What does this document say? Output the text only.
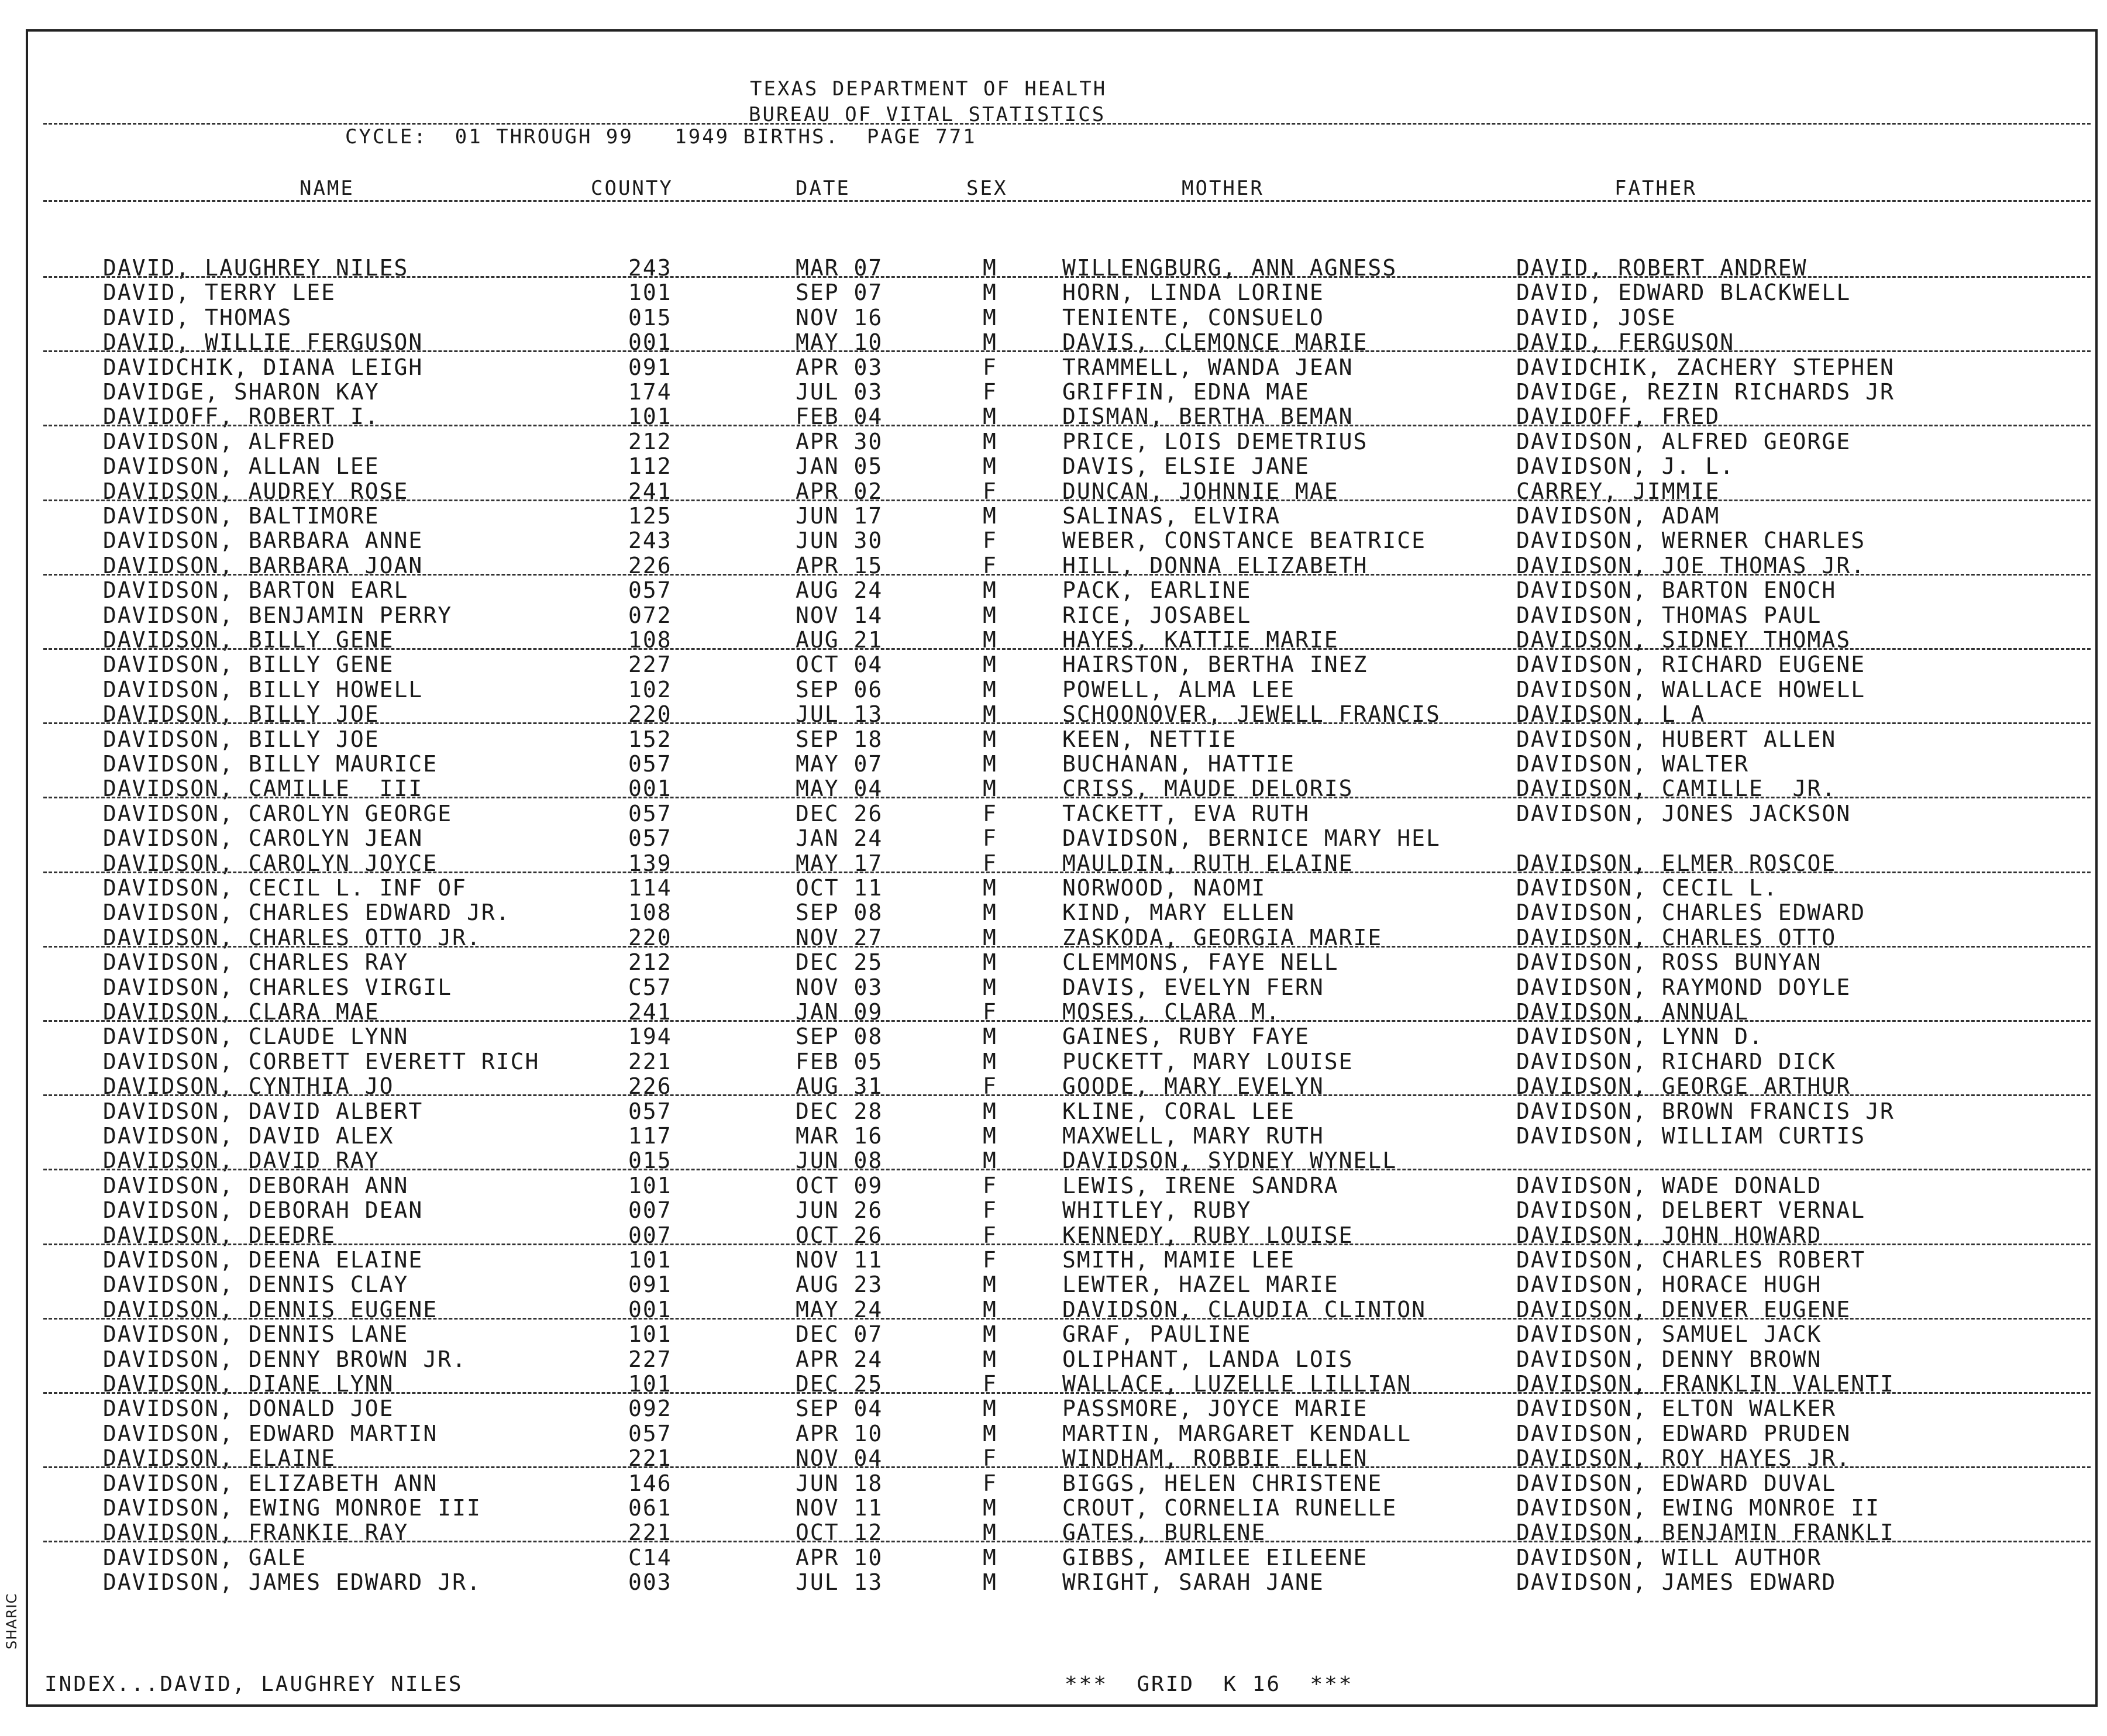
TEXAS DEPARTMENT OF HEALTH
BUREAU OF VITAL STATISTICS
CYCLE:  01 THROUGH 99   1949 BIRTHS.  PAGE 771
NAME	COUNTY	DATE	SEX	MOTHER	FATHER
DAVID, LAUGHREY NILES	243	MAR 07	M	WILLENGBURG, ANN AGNESS	DAVID, ROBERT ANDREW
DAVID, TERRY LEE	101	SEP 07	M	HORN, LINDA LORINE	DAVID, EDWARD BLACKWELL
DAVID, THOMAS	015	NOV 16	M	TENIENTE, CONSUELO	DAVID, JOSE
DAVID, WILLIE FERGUSON	001	MAY 10	M	DAVIS, CLEMONCE MARIE	DAVID, FERGUSON
DAVIDCHIK, DIANA LEIGH	091	APR 03	F	TRAMMELL, WANDA JEAN	DAVIDCHIK, ZACHERY STEPHEN
DAVIDGE, SHARON KAY	174	JUL 03	F	GRIFFIN, EDNA MAE	DAVIDGE, REZIN RICHARDS JR
DAVIDOFF, ROBERT I.	101	FEB 04	M	DISMAN, BERTHA BEMAN	DAVIDOFF, FRED
DAVIDSON, ALFRED	212	APR 30	M	PRICE, LOIS DEMETRIUS	DAVIDSON, ALFRED GEORGE
DAVIDSON, ALLAN LEE	112	JAN 05	M	DAVIS, ELSIE JANE	DAVIDSON, J. L.
DAVIDSON, AUDREY ROSE	241	APR 02	F	DUNCAN, JOHNNIE MAE	CARREY, JIMMIE
DAVIDSON, BALTIMORE	125	JUN 17	M	SALINAS, ELVIRA	DAVIDSON, ADAM
DAVIDSON, BARBARA ANNE	243	JUN 30	F	WEBER, CONSTANCE BEATRICE	DAVIDSON, WERNER CHARLES
DAVIDSON, BARBARA JOAN	226	APR 15	F	HILL, DONNA ELIZABETH	DAVIDSON, JOE THOMAS JR.
DAVIDSON, BARTON EARL	057	AUG 24	M	PACK, EARLINE	DAVIDSON, BARTON ENOCH
DAVIDSON, BENJAMIN PERRY	072	NOV 14	M	RICE, JOSABEL	DAVIDSON, THOMAS PAUL
DAVIDSON, BILLY GENE	108	AUG 21	M	HAYES, KATTIE MARIE	DAVIDSON, SIDNEY THOMAS
DAVIDSON, BILLY GENE	227	OCT 04	M	HAIRSTON, BERTHA INEZ	DAVIDSON, RICHARD EUGENE
DAVIDSON, BILLY HOWELL	102	SEP 06	M	POWELL, ALMA LEE	DAVIDSON, WALLACE HOWELL
DAVIDSON, BILLY JOE	220	JUL 13	M	SCHOONOVER, JEWELL FRANCIS	DAVIDSON, L A
DAVIDSON, BILLY JOE	152	SEP 18	M	KEEN, NETTIE	DAVIDSON, HUBERT ALLEN
DAVIDSON, BILLY MAURICE	057	MAY 07	M	BUCHANAN, HATTIE	DAVIDSON, WALTER
DAVIDSON, CAMILLE  III	001	MAY 04	M	CRISS, MAUDE DELORIS	DAVIDSON, CAMILLE  JR.
DAVIDSON, CAROLYN GEORGE	057	DEC 26	F	TACKETT, EVA RUTH	DAVIDSON, JONES JACKSON
DAVIDSON, CAROLYN JEAN	057	JAN 24	F	DAVIDSON, BERNICE MARY HEL
DAVIDSON, CAROLYN JOYCE	139	MAY 17	F	MAULDIN, RUTH ELAINE	DAVIDSON, ELMER ROSCOE
DAVIDSON, CECIL L. INF OF	114	OCT 11	M	NORWOOD, NAOMI	DAVIDSON, CECIL L.
DAVIDSON, CHARLES EDWARD JR.	108	SEP 08	M	KIND, MARY ELLEN	DAVIDSON, CHARLES EDWARD
DAVIDSON, CHARLES OTTO JR.	220	NOV 27	M	ZASKODA, GEORGIA MARIE	DAVIDSON, CHARLES OTTO
DAVIDSON, CHARLES RAY	212	DEC 25	M	CLEMMONS, FAYE NELL	DAVIDSON, ROSS BUNYAN
DAVIDSON, CHARLES VIRGIL	C57	NOV 03	M	DAVIS, EVELYN FERN	DAVIDSON, RAYMOND DOYLE
DAVIDSON, CLARA MAE	241	JAN 09	F	MOSES, CLARA M.	DAVIDSON, ANNUAL
DAVIDSON, CLAUDE LYNN	194	SEP 08	M	GAINES, RUBY FAYE	DAVIDSON, LYNN D.
DAVIDSON, CORBETT EVERETT RICH	221	FEB 05	M	PUCKETT, MARY LOUISE	DAVIDSON, RICHARD DICK
DAVIDSON, CYNTHIA JO	226	AUG 31	F	GOODE, MARY EVELYN	DAVIDSON, GEORGE ARTHUR
DAVIDSON, DAVID ALBERT	057	DEC 28	M	KLINE, CORAL LEE	DAVIDSON, BROWN FRANCIS JR
DAVIDSON, DAVID ALEX	117	MAR 16	M	MAXWELL, MARY RUTH	DAVIDSON, WILLIAM CURTIS
DAVIDSON, DAVID RAY	015	JUN 08	M	DAVIDSON, SYDNEY WYNELL
DAVIDSON, DEBORAH ANN	101	OCT 09	F	LEWIS, IRENE SANDRA	DAVIDSON, WADE DONALD
DAVIDSON, DEBORAH DEAN	007	JUN 26	F	WHITLEY, RUBY	DAVIDSON, DELBERT VERNAL
DAVIDSON, DEEDRE	007	OCT 26	F	KENNEDY, RUBY LOUISE	DAVIDSON, JOHN HOWARD
DAVIDSON, DEENA ELAINE	101	NOV 11	F	SMITH, MAMIE LEE	DAVIDSON, CHARLES ROBERT
DAVIDSON, DENNIS CLAY	091	AUG 23	M	LEWTER, HAZEL MARIE	DAVIDSON, HORACE HUGH
DAVIDSON, DENNIS EUGENE	001	MAY 24	M	DAVIDSON, CLAUDIA CLINTON	DAVIDSON, DENVER EUGENE
DAVIDSON, DENNIS LANE	101	DEC 07	M	GRAF, PAULINE	DAVIDSON, SAMUEL JACK
DAVIDSON, DENNY BROWN JR.	227	APR 24	M	OLIPHANT, LANDA LOIS	DAVIDSON, DENNY BROWN
DAVIDSON, DIANE LYNN	101	DEC 25	F	WALLACE, LUZELLE LILLIAN	DAVIDSON, FRANKLIN VALENTI
DAVIDSON, DONALD JOE	092	SEP 04	M	PASSMORE, JOYCE MARIE	DAVIDSON, ELTON WALKER
DAVIDSON, EDWARD MARTIN	057	APR 10	M	MARTIN, MARGARET KENDALL	DAVIDSON, EDWARD PRUDEN
DAVIDSON, ELAINE	221	NOV 04	F	WINDHAM, ROBBIE ELLEN	DAVIDSON, ROY HAYES JR.
DAVIDSON, ELIZABETH ANN	146	JUN 18	F	BIGGS, HELEN CHRISTENE	DAVIDSON, EDWARD DUVAL
DAVIDSON, EWING MONROE III	061	NOV 11	M	CROUT, CORNELIA RUNELLE	DAVIDSON, EWING MONROE II
DAVIDSON, FRANKIE RAY	221	OCT 12	M	GATES, BURLENE	DAVIDSON, BENJAMIN FRANKLI
DAVIDSON, GALE	C14	APR 10	M	GIBBS, AMILEE EILEENE	DAVIDSON, WILL AUTHOR
DAVIDSON, JAMES EDWARD JR.	003	JUL 13	M	WRIGHT, SARAH JANE	DAVIDSON, JAMES EDWARD
INDEX...DAVID, LAUGHREY NILES	***  GRID  K 16  ***
SHARIC
